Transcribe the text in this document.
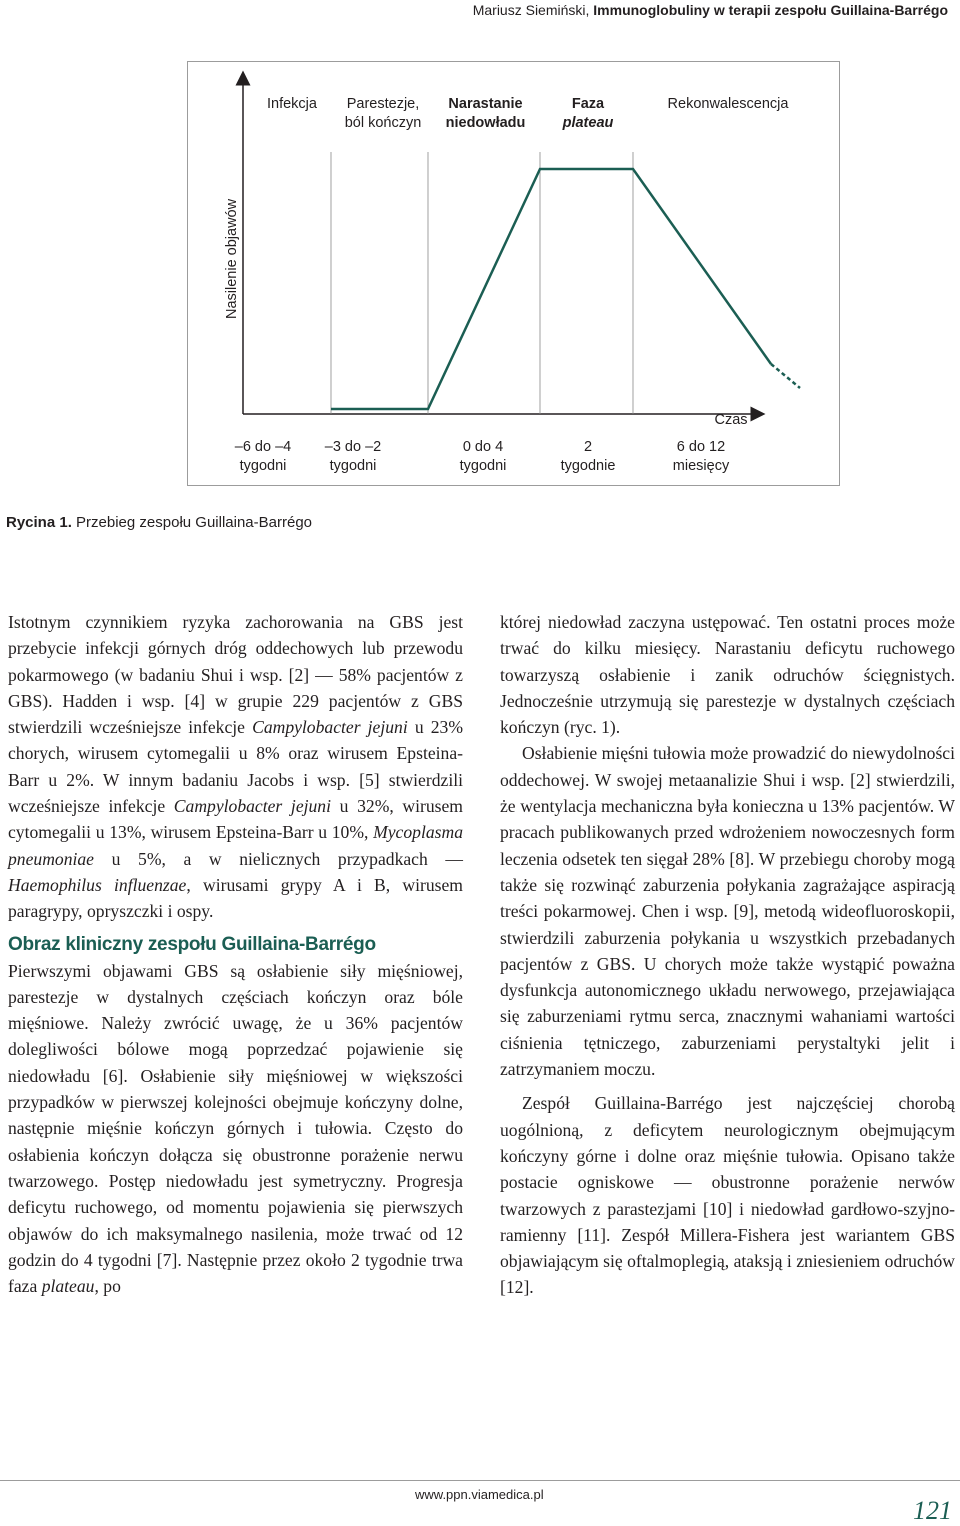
Mariusz Siemiński, Immunoglobuliny w terapii zespołu Guillaina-Barrégo
Infekcja	Parestezje,
ból kończyn
Narastanie
niedowładu
Faza
plateau
Rekonwalescencja
Nasilenie objawów
Czas
–6 do –4
tygodni
–3 do –2
tygodni
0 do 4
tygodni
2
tygodnie
6 do 12
miesięcy
Rycina 1. Przebieg zespołu Guillaina-Barrégo

Istotnym czynnikiem ryzyka zachorowania na GBS jest przebycie infekcji górnych dróg oddechowych lub przewodu pokarmowego (w badaniu Shui i wsp. [2] — 58% pacjentów z GBS). Hadden i wsp. [4] w grupie 229 pacjentów z GBS stwierdzili wcześniejsze infekcje Campylobacter jejuni u 23% chorych, wirusem cytomegalii u 8% oraz wirusem Epsteina-Barr u 2%. W innym badaniu Jacobs i wsp. [5] stwierdzili wcześniejsze infekcje Campylobacter jejuni u 32%, wirusem cytomegalii u 13%, wirusem Epsteina-Barr u 10%, Mycoplasma pneumoniae u 5%, a w nielicznych przypadkach — Haemophilus influenzae, wirusami grypy A i B, wirusem paragrypy, opryszczki i ospy.

Obraz kliniczny zespołu Guillaina-Barrégo

Pierwszymi objawami GBS są osłabienie siły mięśniowej, parestezje w dystalnych częściach kończyn oraz bóle mięśniowe. Należy zwrócić uwagę, że u 36% pacjentów dolegliwości bólowe mogą poprzedzać pojawienie się niedowładu [6]. Osłabienie siły mięśniowej w większości przypadków w pierwszej kolejności obejmuje kończyny dolne, następnie mięśnie kończyn górnych i tułowia. Często do osłabienia kończyn dołącza się obustronne porażenie nerwu twarzowego. Postęp niedowładu jest symetryczny. Progresja deficytu ruchowego, od momentu pojawienia się pierwszych objawów do ich maksymalnego nasilenia, może trwać od 12 godzin do 4 tygodni [7]. Następnie przez około 2 tygodnie trwa faza plateau, po

której niedowład zaczyna ustępować. Ten ostatni proces może trwać do kilku miesięcy. Narastaniu deficytu ruchowego towarzyszą osłabienie i zanik odruchów ścięgnistych. Jednocześnie utrzymują się parestezje w dystalnych częściach kończyn (ryc. 1).

Osłabienie mięśni tułowia może prowadzić do niewydolności oddechowej. W swojej metaanalizie Shui i wsp. [2] stwierdzili, że wentylacja mechaniczna była konieczna u 13% pacjentów. W pracach publikowanych przed wdrożeniem nowoczesnych form leczenia odsetek ten sięgał 28% [8]. W przebiegu choroby mogą także się rozwinąć zaburzenia połykania zagrażające aspiracją treści pokarmowej. Chen i wsp. [9], metodą wideofluoroskopii, stwierdzili zaburzenia połykania u wszystkich przebadanych pacjentów z GBS. U chorych może także wystąpić poważna dysfunkcja autonomicznego układu nerwowego, przejawiająca się zaburzeniami rytmu serca, znacznymi wahaniami wartości ciśnienia tętniczego, zaburzeniami perystaltyki jelit i zatrzymaniem moczu.

Zespół Guillaina-Barrégo jest najczęściej chorobą uogólnioną, z deficytem neurologicznym obejmującym kończyny górne i dolne oraz mięśnie tułowia. Opisano także postacie ogniskowe — obustronne porażenie nerwów twarzowych z parastezjami [10] i niedowład gardłowo-szyjno-ramienny [11]. Zespół Millera-Fishera jest wariantem GBS objawiającym się oftalmoplegią, ataksją i zniesieniem odruchów [12].

www.ppn.viamedica.pl
121
